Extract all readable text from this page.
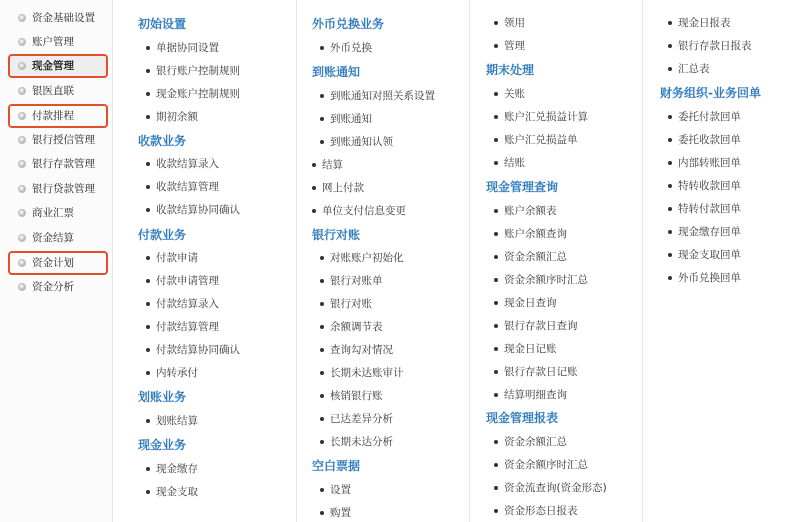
资金基础设置
账户管理
现金管理
银医直联
付款排程
银行授信管理
银行存款管理
银行贷款管理
商业汇票
资金结算
资金计划
资金分析
初始设置
单据协同设置
银行账户控制规则
现金账户控制规则
期初余额
收款业务
收款结算录入
收款结算管理
收款结算协同确认
付款业务
付款申请
付款申请管理
付款结算录入
付款结算管理
付款结算协同确认
内转承付
划账业务
划账结算
现金业务
现金缴存
现金支取
外币兑换业务
外币兑换
到账通知
到账通知对照关系设置
到账通知
到账通知认领
结算
网上付款
单位支付信息变更
银行对账
对账账户初始化
银行对账单
银行对账
余额调节表
查询勾对情况
长期未达账审计
核销银行账
已达差异分析
长期未达分析
空白票据
设置
购置
领用
管理
期末处理
关账
账户汇兑损益计算
账户汇兑损益单
结账
现金管理查询
账户余额表
账户余额查询
资金余额汇总
资金余额序时汇总
现金日查询
银行存款日查询
现金日记账
银行存款日记账
结算明细查询
现金管理报表
资金余额汇总
资金余额序时汇总
资金流查询(资金形态)
资金形态日报表
现金日报表
银行存款日报表
汇总表
财务组织-业务回单
委托付款回单
委托收款回单
内部转账回单
特转收款回单
特转付款回单
现金缴存回单
现金支取回单
外币兑换回单
